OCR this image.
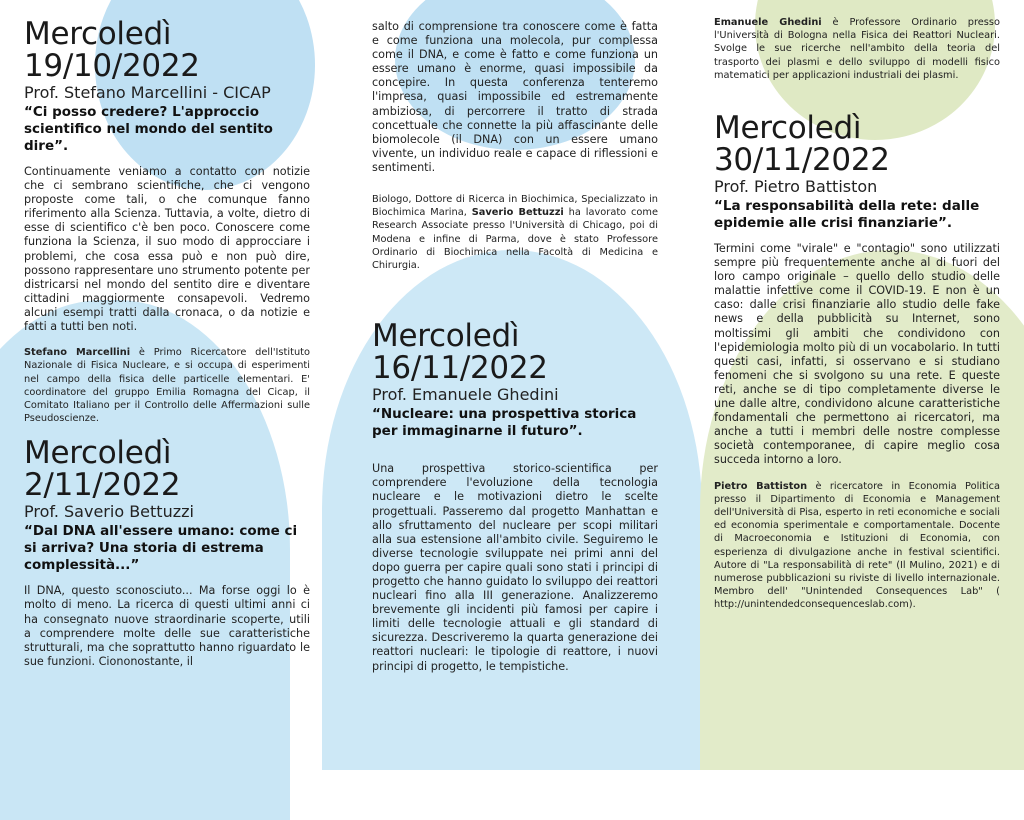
Mercoledì
19/10/2022
Prof. Stefano Marcellini - CICAP
“Ci posso credere? L'approccio scientifico nel mondo del sentito dire”.

Continuamente veniamo a contatto con notizie che ci sembrano scientifiche, che ci vengono proposte come tali, o che comunque fanno riferimento alla Scienza. Tuttavia, a volte, dietro di esse di scientifico c'è ben poco. Conoscere come funziona la Scienza, il suo modo di approcciare i problemi, che cosa essa può e non può dire, possono rappresentare uno strumento potente per districarsi nel mondo del sentito dire e diventare cittadini maggiormente consapevoli. Vedremo alcuni esempi tratti dalla cronaca, o da notizie e fatti a tutti ben noti.

Stefano Marcellini è Primo Ricercatore dell'Istituto Nazionale di Fisica Nucleare, e si occupa di esperimenti nel campo della fisica delle particelle elementari. E' coordinatore del gruppo Emilia Romagna del Cicap, il Comitato Italiano per il Controllo delle Affermazioni sulle Pseudoscienze.

Mercoledì
2/11/2022
Prof. Saverio Bettuzzi
“Dal DNA all'essere umano: come ci si arriva? Una storia di estrema complessità...”

Il DNA, questo sconosciuto... Ma forse oggi lo è molto di meno. La ricerca di questi ultimi anni ci ha consegnato nuove straordinarie scoperte, utili a comprendere molte delle sue caratteristiche strutturali, ma che soprattutto hanno riguardato le sue funzioni. Ciononostante, il

salto di comprensione tra conoscere come è fatta e come funziona una molecola, pur complessa come il DNA, e come è fatto e come funziona un essere umano è enorme, quasi impossibile da concepire. In questa conferenza tenteremo l'impresa, quasi impossibile ed estremamente ambiziosa, di percorrere il tratto di strada concettuale che connette la più affascinante delle biomolecole (il DNA) con un essere umano vivente, un individuo reale e capace di riflessioni e sentimenti.

Biologo, Dottore di Ricerca in Biochimica, Specializzato in Biochimica Marina, Saverio Bettuzzi ha lavorato come Research Associate presso l'Università di Chicago, poi di Modena e infine di Parma, dove è stato Professore Ordinario di Biochimica nella Facoltà di Medicina e Chirurgia.

Mercoledì
16/11/2022
Prof. Emanuele Ghedini
“Nucleare: una prospettiva storica per immaginarne il futuro”.

Una prospettiva storico-scientifica per comprendere l'evoluzione della tecnologia nucleare e le motivazioni dietro le scelte progettuali. Passeremo dal progetto Manhattan e allo sfruttamento del nucleare per scopi militari alla sua estensione all'ambito civile. Seguiremo le diverse tecnologie sviluppate nei primi anni del dopo guerra per capire quali sono stati i principi di progetto che hanno guidato lo sviluppo dei reattori nucleari fino alla III generazione. Analizzeremo brevemente gli incidenti più famosi per capire i limiti delle tecnologie attuali e gli standard di sicurezza. Descriveremo la quarta generazione dei reattori nucleari: le tipologie di reattore, i nuovi principi di progetto, le tempistiche.

Emanuele Ghedini è Professore Ordinario presso l'Università di Bologna nella Fisica dei Reattori Nucleari. Svolge le sue ricerche nell'ambito della teoria del trasporto dei plasmi e dello sviluppo di modelli fisico matematici per applicazioni industriali dei plasmi.

Mercoledì
30/11/2022
Prof. Pietro Battiston
“La responsabilità della rete: dalle epidemie alle crisi finanziarie”.

Termini come "virale" e "contagio" sono utilizzati sempre più frequentemente anche al di fuori del loro campo originale – quello dello studio delle malattie infettive come il COVID-19. E non è un caso: dalle crisi finanziarie allo studio delle fake news e della pubblicità su Internet, sono moltissimi gli ambiti che condividono con l'epidemiologia molto più di un vocabolario. In tutti questi casi, infatti, si osservano e si studiano fenomeni che si svolgono su una rete. E queste reti, anche se di tipo completamente diverse le une dalle altre, condividono alcune caratteristiche fondamentali che permettono ai ricercatori, ma anche a tutti i membri delle nostre complesse società contemporanee, di capire meglio cosa succeda intorno a loro.

Pietro Battiston è ricercatore in Economia Politica presso il Dipartimento di Economia e Management dell'Università di Pisa, esperto in reti economiche e sociali ed economia sperimentale e comportamentale. Docente di Macroeconomia e Istituzioni di Economia, con esperienza di divulgazione anche in festival scientifici. Autore di "La responsabilità di rete" (Il Mulino, 2021) e di numerose pubblicazioni su riviste di livello internazionale. Membro dell' "Unintended Consequences Lab" ( http://unintendedconsequenceslab.com).
